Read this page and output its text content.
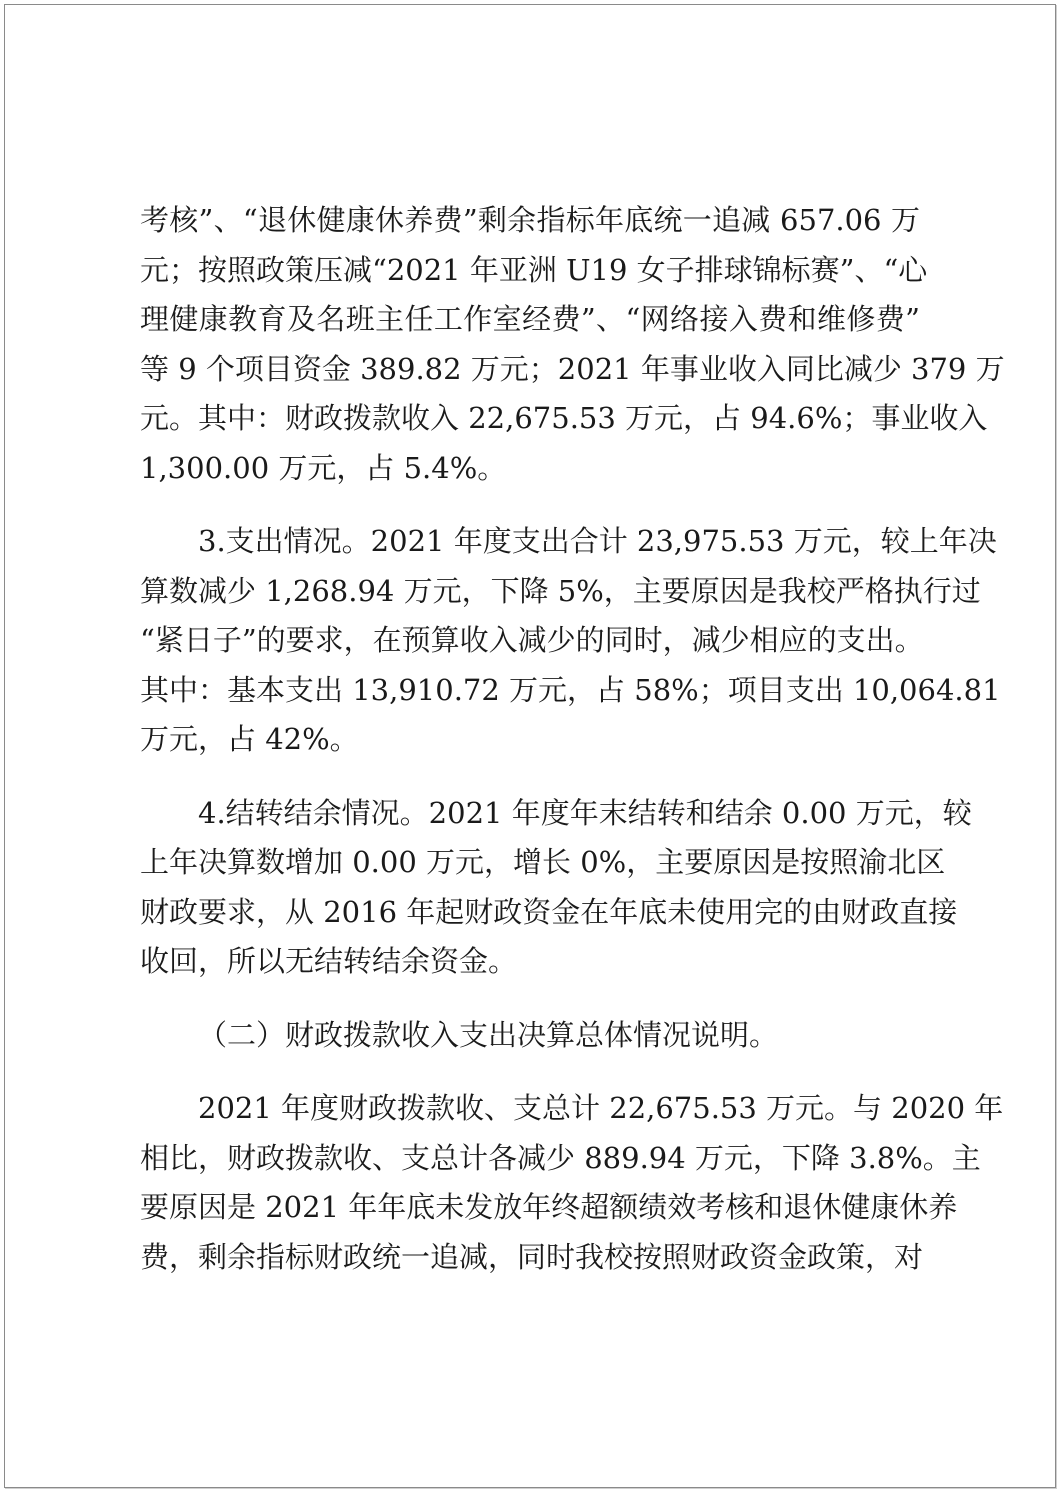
考核”、“退休健康休养费”剩余指标年底统一追减 657.06 万
元；按照政策压减“2021 年亚洲 U19 女子排球锦标赛”、“心
理健康教育及名班主任工作室经费”、“网络接入费和维修费”
等 9 个项目资金 389.82 万元；2021 年事业收入同比减少 379 万
元。其中：财政拨款收入 22,675.53 万元，占 94.6%；事业收入
1,300.00 万元，占 5.4%。
3.支出情况。2021 年度支出合计 23,975.53 万元，较上年决
算数减少 1,268.94 万元，下降 5%，主要原因是我校严格执行过
“紧日子”的要求，在预算收入减少的同时，减少相应的支出。
其中：基本支出 13,910.72 万元，占 58%；项目支出 10,064.81
万元，占 42%。
4.结转结余情况。2021 年度年末结转和结余 0.00 万元，较
上年决算数增加 0.00 万元，增长 0%，主要原因是按照渝北区
财政要求，从 2016 年起财政资金在年底未使用完的由财政直接
收回，所以无结转结余资金。
（二）财政拨款收入支出决算总体情况说明。
2021 年度财政拨款收、支总计 22,675.53 万元。与 2020 年
相比，财政拨款收、支总计各减少 889.94 万元，下降 3.8%。主
要原因是 2021 年年底未发放年终超额绩效考核和退休健康休养
费，剩余指标财政统一追减，同时我校按照财政资金政策，对
